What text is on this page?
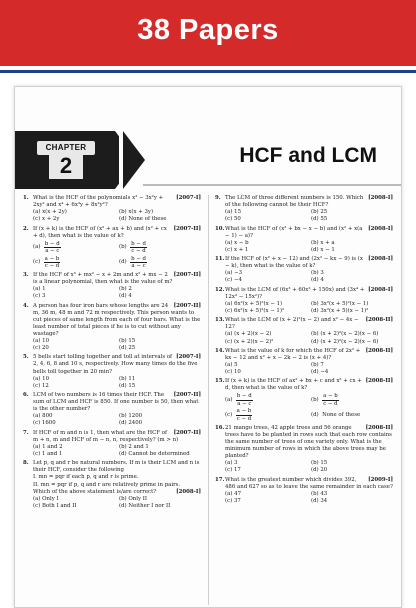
38 Papers
CHAPTER
2	HCF and LCM
1.	[2007-I]
What is the HCF of the polynomials x³ − 3x²y + 2xy² and x⁴ + 6x³y + 8x²y²?
(a) x(x + 2y)	(b) x(x + 3y)
(c) x + 2y	(d) None of these
2.	[2007-II]
If (x + k) is the HCF of (x² + ax + b) and (x² + cx + d), then what is the value of k?
$(a) \frac{b - d}{a - c}$	$(b) \frac{b - d}{c - d}$
$(c) \frac{a - b}{c - d}$	$(d) \frac{b - d}{a - c}$
3.	[2007-II]
If the HCF of x³ + mx² − x + 2m and x² + mx − 2 is a linear polynomial, then what is the value of m?
(a) 1	(b) 2
(c) 3	(d) 4
4.	[2007-II]
A person has four iron bars whose lengths are 24 m, 36 m, 48 m and 72 m respectively. This person wants to cut pieces of same length from each of four bars. What is the least number of total pieces if he is to cut without any wastage?
(a) 10	(b) 15
(c) 20	(d) 25
5.	[2007-I]
5 bells start tolling together and toll at intervals of 2, 4, 6, 8 and 10 s, respectively. How many times do the five bells toll together in 20 min?
(a) 10	(b) 11
(c) 12	(d) 15
6.	[2007-II]
LCM of two numbers is 16 times their HCF. The sum of LCM and HCF is 850. If one number is 50, then what is the other number?
(a) 800	(b) 1200
(c) 1600	(d) 2400
7.	[2007-II]
If HCF of m and n is 1, then what are the HCF of m + n, m and HCF of m − n, n, respectively? (m > n)
(a) 1 and 2	(b) 2 and 1
(c) 1 and 1	(d) Cannot be determined
8. Let p, q and r be natural numbers. If m is their LCM and n is their HCF, consider the following
I. mn = pqr if each p, q and r is prime.
II. mn = pqr if p, q and r are relatively prime in pairs.
[2008-I]
Which of the above statement is/are correct?
(a) Only I	(b) Only II
(c) Both I and II	(d) Neither I nor II
9.	[2008-I]
The LCM of three different numbers is 150. Which of the following cannot be their HCF?
(a) 15	(b) 25
(c) 50	(d) 55
10.	[2008-I]
What is the HCF of (x² + bx − x − b) and (x² + x(a − 1) − a)?
(a) x − b	(b) x + a
(c) x + 1	(d) x − 1
11.	[2008-I]
If the HCF of (x² + x − 12) and (2x² − kx − 9) is (x − k), then what is the value of k?
(a) −3	(b) 3
(c) −4	(d) 4
12.	[2008-I]
What is the LCM of (6x³ + 60x² + 150x) and (3x⁴ + 12x³ − 15x²)?
(a) 6x²(x + 5)²(x − 1)	(b) 3x²(x + 5)²(x − 1)
(c) 6x²(x + 5)²(x − 1)²	(d) 3x²(x + 5)(x − 1)²
13.	[2008-II]
What is the LCM of (x + 2)²(x − 2) and x² − 4x − 12?
(a) (x + 2)(x − 2)	(b) (x + 2)²(x − 2)(x − 6)
(c) (x + 2)(x − 2)²	(d) (x + 2)²(x − 2)(x − 6)
14.	[2008-II]
What is the value of k for which the HCF of 2x² + kx − 12 and x² + x − 2k − 2 is (x + 4)?
(a) 5	(b) 7
(c) 10	(d) −4
15.	[2008-II]
If (x + k) is the HCF of ax² + bx + c and x² + cx + d, then what is the value of k?
$(a) \frac{b - d}{a - c}$	$(b) \frac{a - b}{c - d}$
$(c) \frac{a - b}{c - d}$	(d) None of these
16.	[2008-II]
21 mango trees, 42 apple trees and 56 orange trees have to be planted in rows such that each row contains the same number of trees of one variety only. What is the minimum number of rows in which the above trees may be planted?
(a) 3	(b) 15
(c) 17	(d) 20
17.	[2009-I]
What is the greatest number which divides 392, 486 and 627 so as to leave the same remainder in each case?
(a) 47	(b) 43
(c) 37	(d) 34
